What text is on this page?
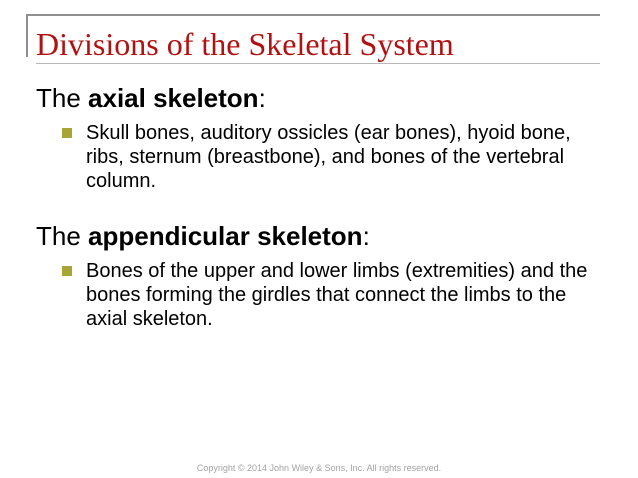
Divisions of the Skeletal System

The axial skeleton:

Skull bones, auditory ossicles (ear bones), hyoid bone, ribs, sternum (breastbone), and bones of the vertebral column.

The appendicular skeleton:

Bones of the upper and lower limbs (extremities) and the bones forming the girdles that connect the limbs to the axial skeleton.

Copyright © 2014 John Wiley & Sons, Inc. All rights reserved.
